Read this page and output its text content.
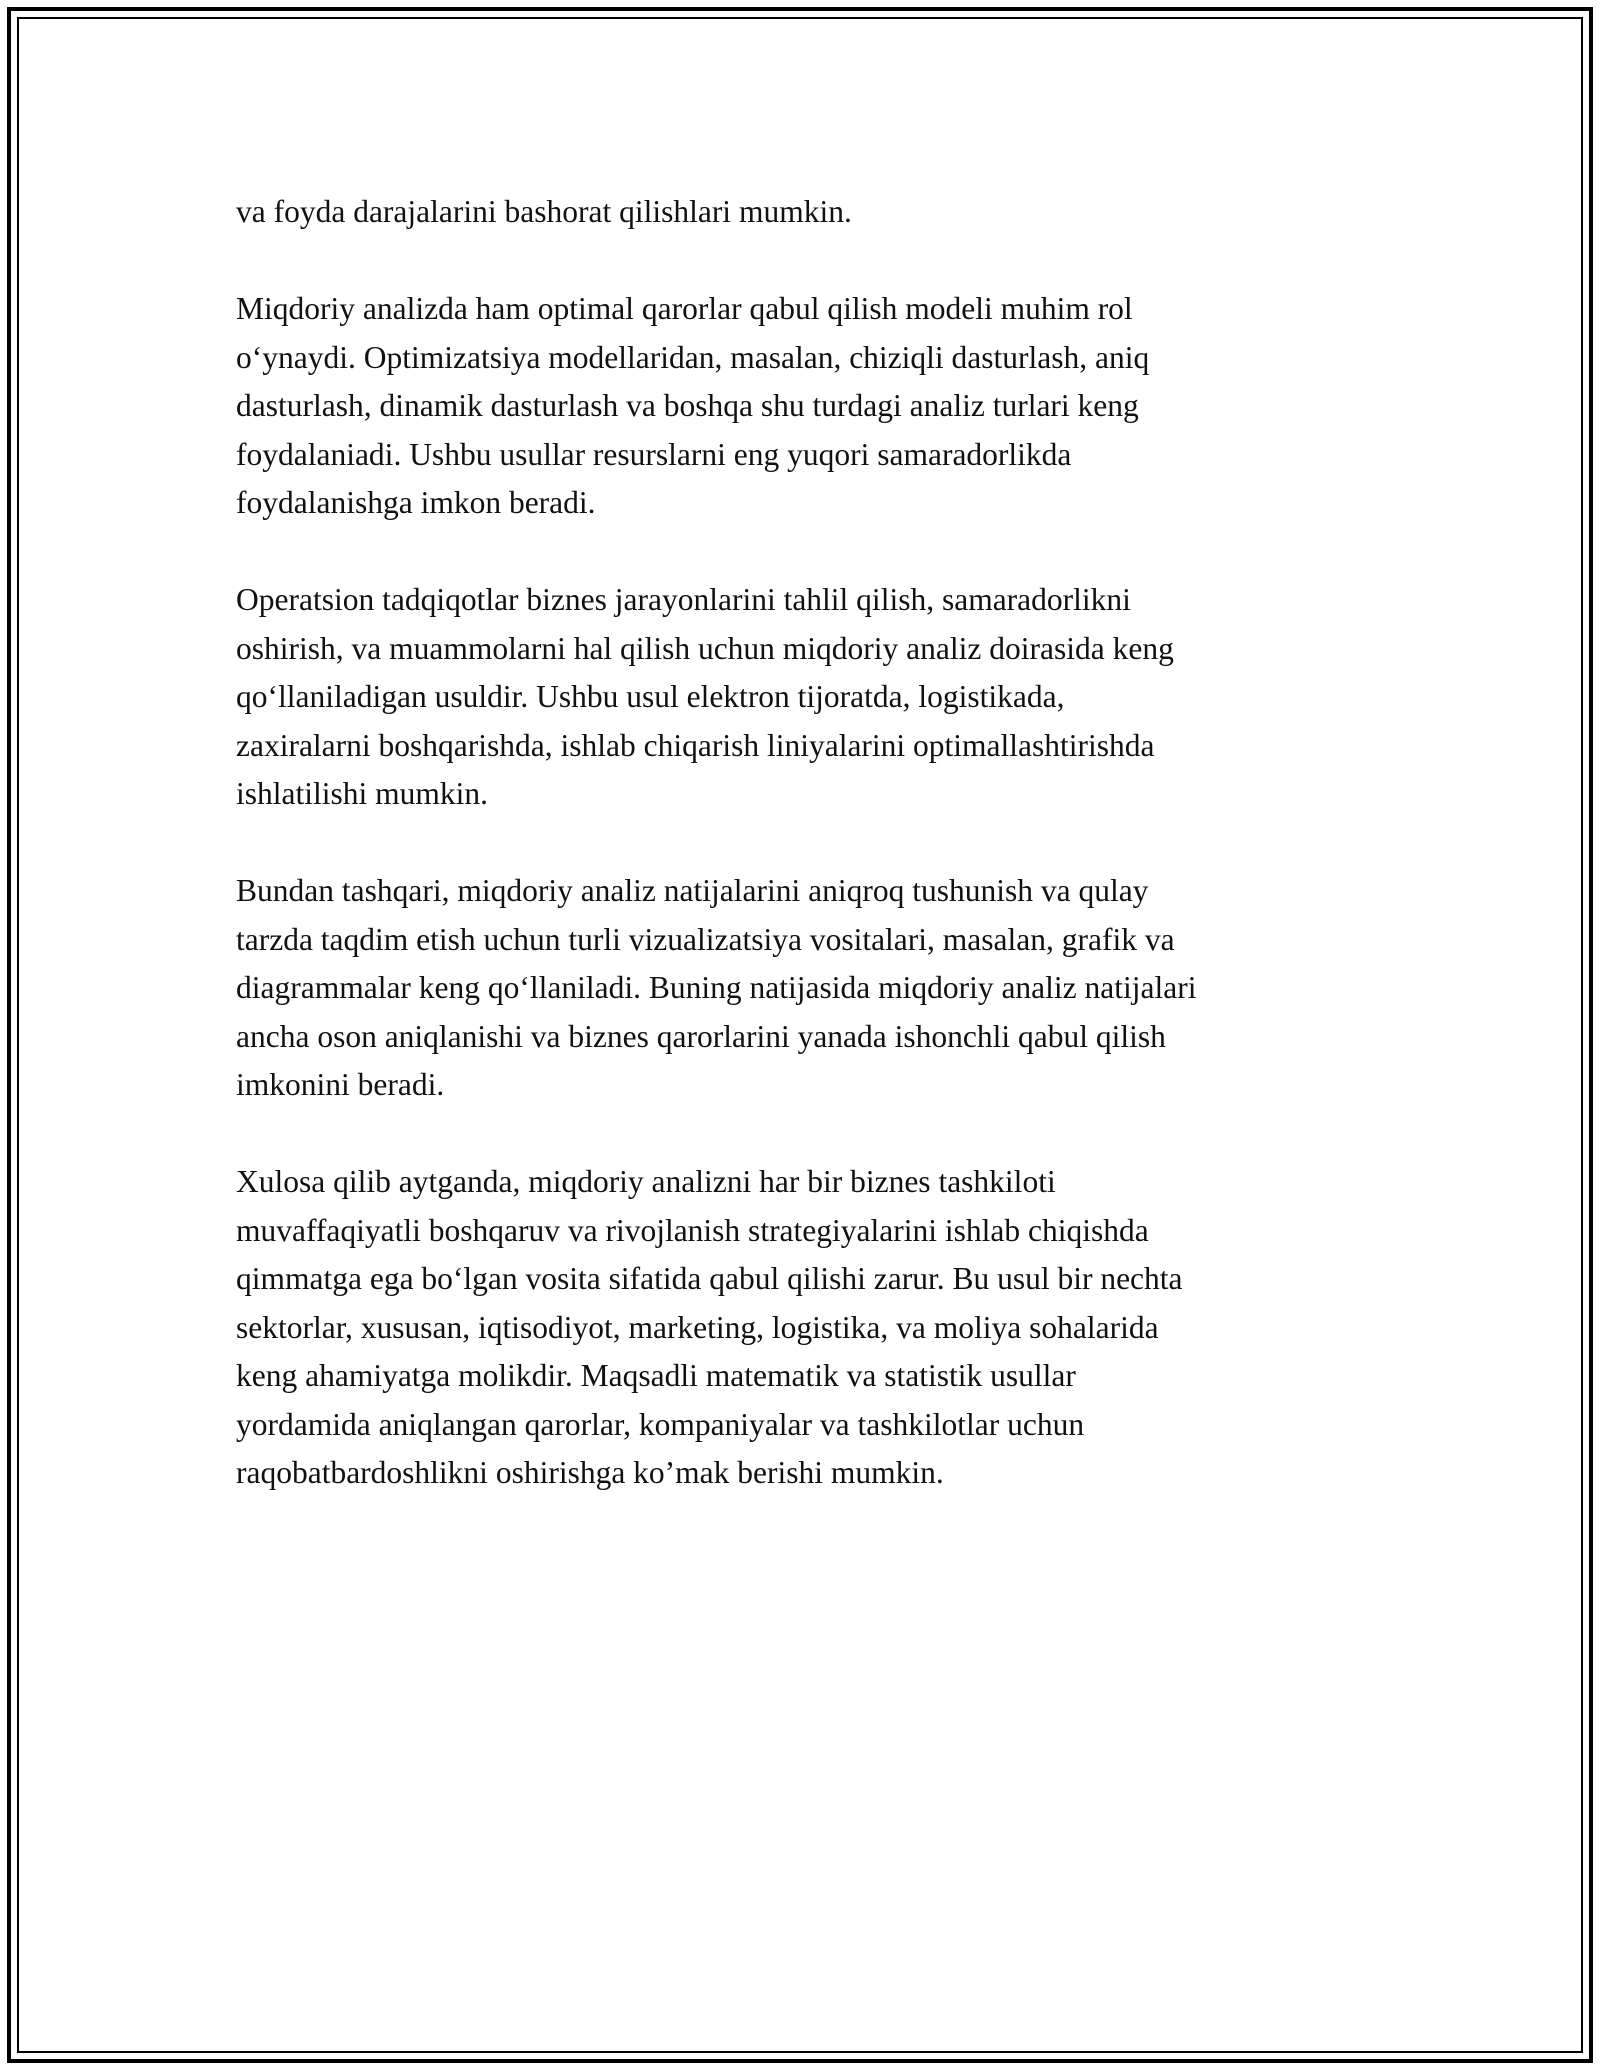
va foyda darajalarini bashorat qilishlari mumkin.

Miqdoriy analizda ham optimal qarorlar qabul qilish modeli muhim rol
o‘ynaydi. Optimizatsiya modellaridan, masalan, chiziqli dasturlash, aniq
dasturlash, dinamik dasturlash va boshqa shu turdagi analiz turlari keng
foydalaniadi. Ushbu usullar resurslarni eng yuqori samaradorlikda
foydalanishga imkon beradi.

Operatsion tadqiqotlar biznes jarayonlarini tahlil qilish, samaradorlikni
oshirish, va muammolarni hal qilish uchun miqdoriy analiz doirasida keng
qo‘llaniladigan usuldir. Ushbu usul elektron tijoratda, logistikada,
zaxiralarni boshqarishda, ishlab chiqarish liniyalarini optimallashtirishda
ishlatilishi mumkin.

Bundan tashqari, miqdoriy analiz natijalarini aniqroq tushunish va qulay
tarzda taqdim etish uchun turli vizualizatsiya vositalari, masalan, grafik va
diagrammalar keng qo‘llaniladi. Buning natijasida miqdoriy analiz natijalari
ancha oson aniqlanishi va biznes qarorlarini yanada ishonchli qabul qilish
imkonini beradi.

Xulosa qilib aytganda, miqdoriy analizni har bir biznes tashkiloti
muvaffaqiyatli boshqaruv va rivojlanish strategiyalarini ishlab chiqishda
qimmatga ega bo‘lgan vosita sifatida qabul qilishi zarur. Bu usul bir nechta
sektorlar, xususan, iqtisodiyot, marketing, logistika, va moliya sohalarida
keng ahamiyatga molikdir. Maqsadli matematik va statistik usullar
yordamida aniqlangan qarorlar, kompaniyalar va tashkilotlar uchun
raqobatbardoshlikni oshirishga ko’mak berishi mumkin.
